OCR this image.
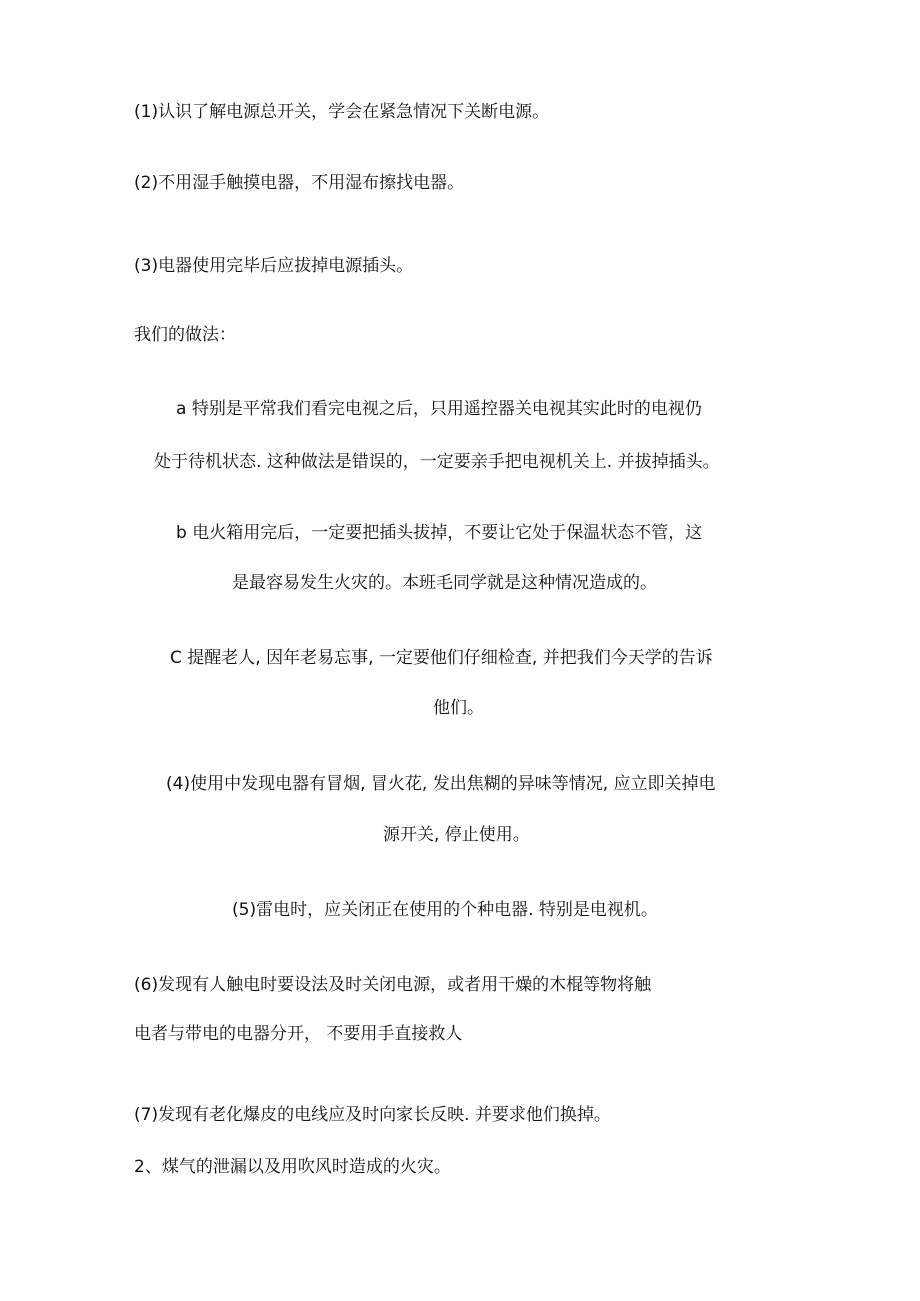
(1)认识了解电源总开关，学会在紧急情况下关断电源。

(2)不用湿手触摸电器，不用湿布擦找电器。

(3)电器使用完毕后应拔掉电源插头。

我们的做法：

a 特别是平常我们看完电视之后，只用遥控器关电视其实此时的电视仍

处于待机状态. 这种做法是错误的，一定要亲手把电视机关上. 并拔掉插头。

b 电火箱用完后，一定要把插头拔掉，不要让它处于保温状态不管，这

是最容易发生火灾的。本班毛同学就是这种情况造成的。

C 提醒老人, 因年老易忘事, 一定要他们仔细检查, 并把我们今天学的告诉

他们。

(4)使用中发现电器有冒烟, 冒火花, 发出焦糊的异味等情况, 应立即关掉电

源开关, 停止使用。

(5)雷电时，应关闭正在使用的个种电器. 特别是电视机。

(6)发现有人触电时要设法及时关闭电源，或者用干燥的木棍等物将触

电者与带电的电器分开， 不要用手直接救人

(7)发现有老化爆皮的电线应及时向家长反映. 并要求他们换掉。

2、煤气的泄漏以及用吹风时造成的火灾。
